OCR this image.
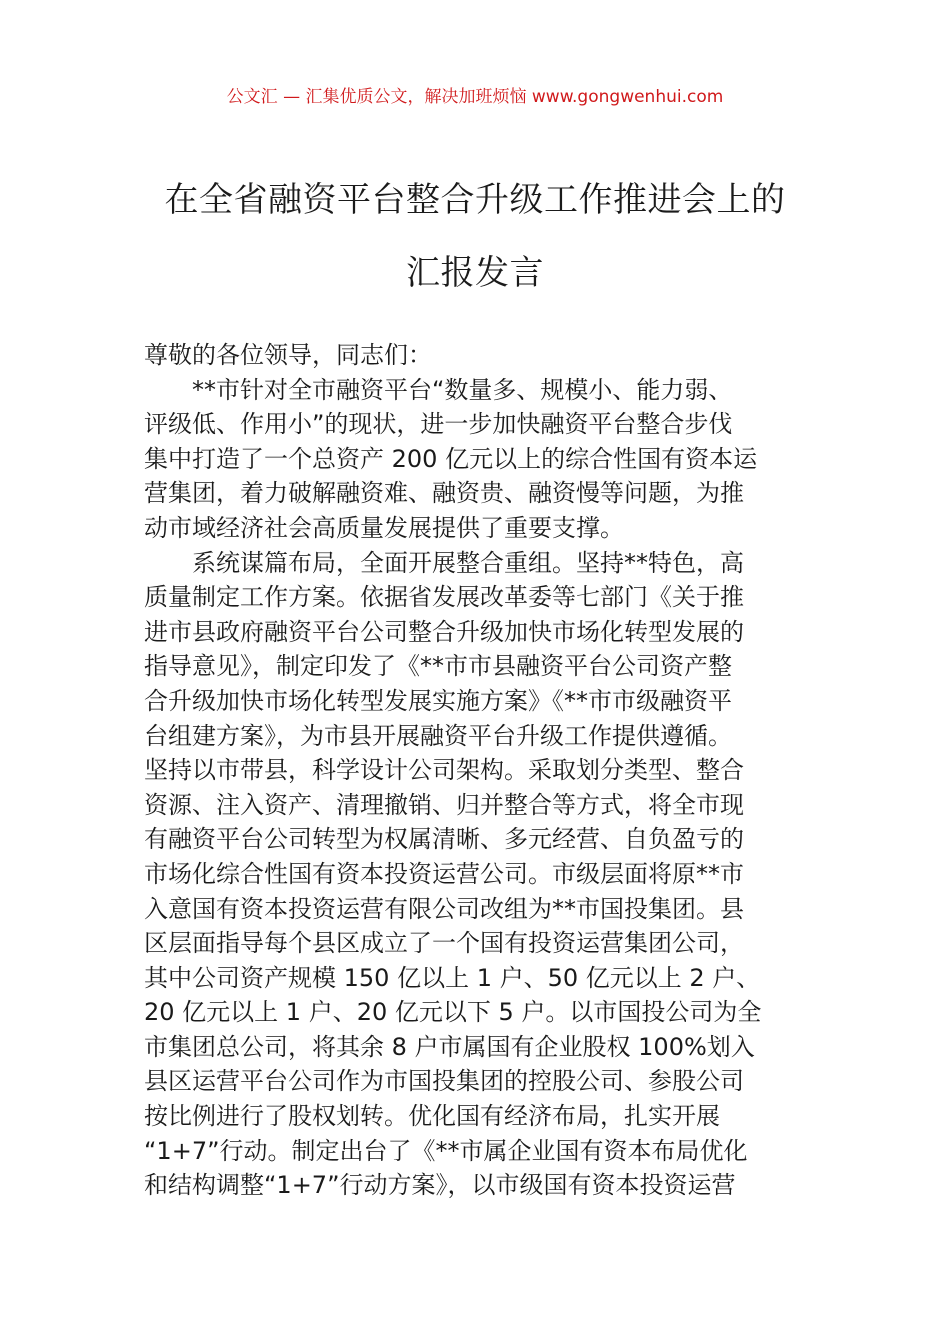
公文汇 — 汇集优质公文，解决加班烦恼 www.gongwenhui.com
在全省融资平台整合升级工作推进会上的
汇报发言
尊敬的各位领导，同志们：
**市针对全市融资平台“数量多、规模小、能力弱、
评级低、作用小”的现状，进一步加快融资平台整合步伐
集中打造了一个总资产 200 亿元以上的综合性国有资本运
营集团，着力破解融资难、融资贵、融资慢等问题，为推
动市域经济社会高质量发展提供了重要支撑。
系统谋篇布局，全面开展整合重组。坚持**特色，高
质量制定工作方案。依据省发展改革委等七部门《关于推
进市县政府融资平台公司整合升级加快市场化转型发展的
指导意见》，制定印发了《**市市县融资平台公司资产整
合升级加快市场化转型发展实施方案》《**市市级融资平
台组建方案》，为市县开展融资平台升级工作提供遵循。
坚持以市带县，科学设计公司架构。采取划分类型、整合
资源、注入资产、清理撤销、归并整合等方式，将全市现
有融资平台公司转型为权属清晰、多元经营、自负盈亏的
市场化综合性国有资本投资运营公司。市级层面将原**市
入意国有资本投资运营有限公司改组为**市国投集团。县
区层面指导每个县区成立了一个国有投资运营集团公司，
其中公司资产规模 150 亿以上 1 户、50 亿元以上 2 户、
20 亿元以上 1 户、20 亿元以下 5 户。以市国投公司为全
市集团总公司，将其余 8 户市属国有企业股权 100%划入
县区运营平台公司作为市国投集团的控股公司、参股公司
按比例进行了股权划转。优化国有经济布局，扎实开展
“1+7”行动。制定出台了《**市属企业国有资本布局优化
和结构调整“1+7”行动方案》，以市级国有资本投资运营
